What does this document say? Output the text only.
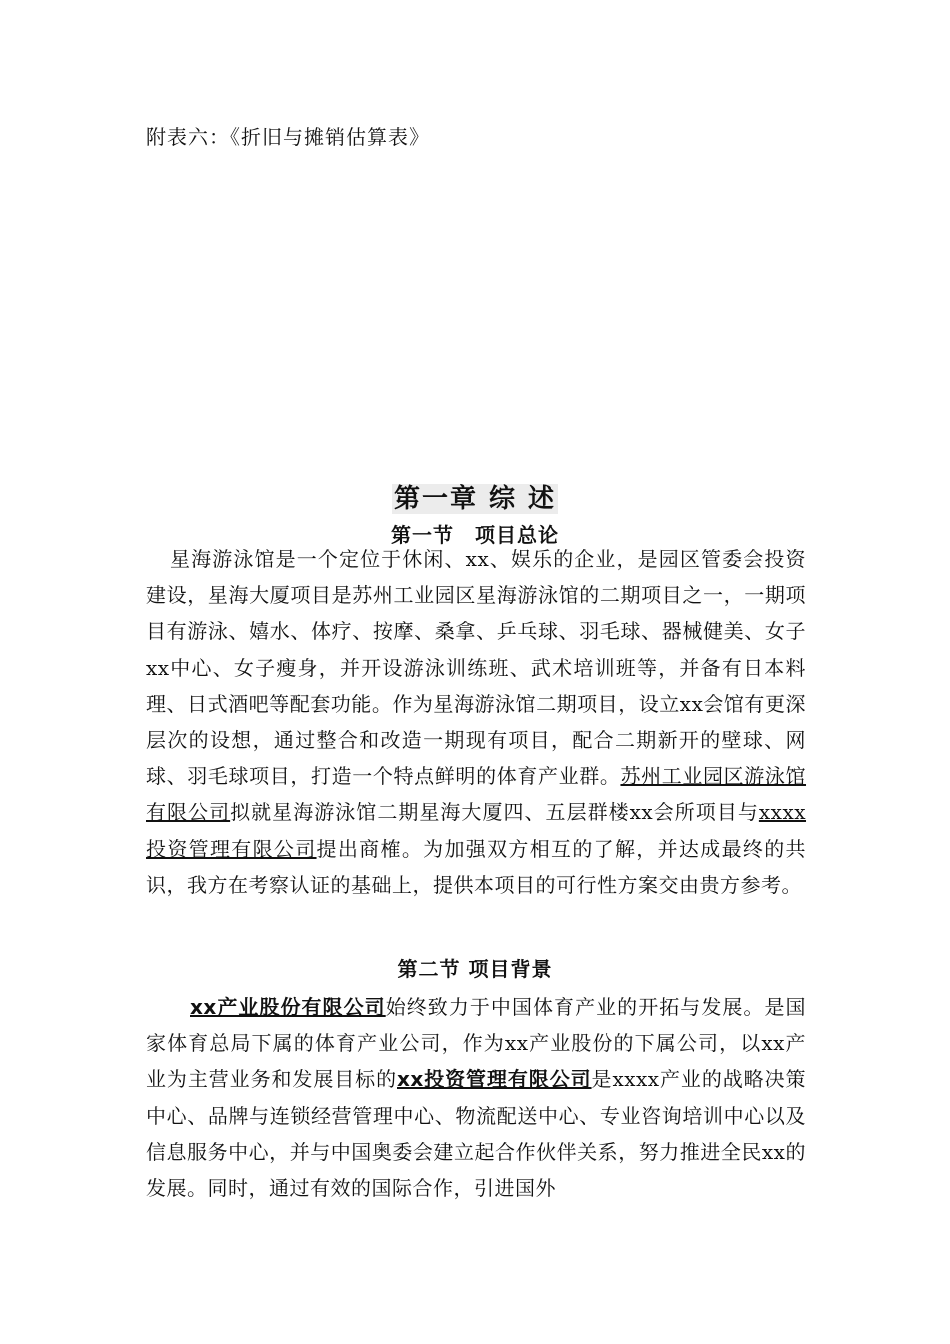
附表六：《折旧与摊销估算表》
第一章 综 述
第一节　项目总论
星海游泳馆是一个定位于休闲、xx、娱乐的企业，是园区管委会投资建设，星海大厦项目是苏州工业园区星海游泳馆的二期项目之一，一期项目有游泳、嬉水、体疗、按摩、桑拿、乒乓球、羽毛球、器械健美、女子xx中心、女子瘦身，并开设游泳训练班、武术培训班等，并备有日本料理、日式酒吧等配套功能。作为星海游泳馆二期项目，设立xx会馆有更深层次的设想，通过整合和改造一期现有项目，配合二期新开的壁球、网球、羽毛球项目，打造一个特点鲜明的体育产业群。苏州工业园区游泳馆有限公司拟就星海游泳馆二期星海大厦四、五层群楼xx会所项目与xxxx投资管理有限公司提出商榷。为加强双方相互的了解，并达成最终的共识，我方在考察认证的基础上，提供本项目的可行性方案交由贵方参考。
第二节 项目背景
xx产业股份有限公司始终致力于中国体育产业的开拓与发展。是国家体育总局下属的体育产业公司，作为xx产业股份的下属公司，以xx产业为主营业务和发展目标的xx投资管理有限公司是xxxx产业的战略决策中心、品牌与连锁经营管理中心、物流配送中心、专业咨询培训中心以及信息服务中心，并与中国奥委会建立起合作伙伴关系，努力推进全民xx的发展。同时，通过有效的国际合作，引进国外
